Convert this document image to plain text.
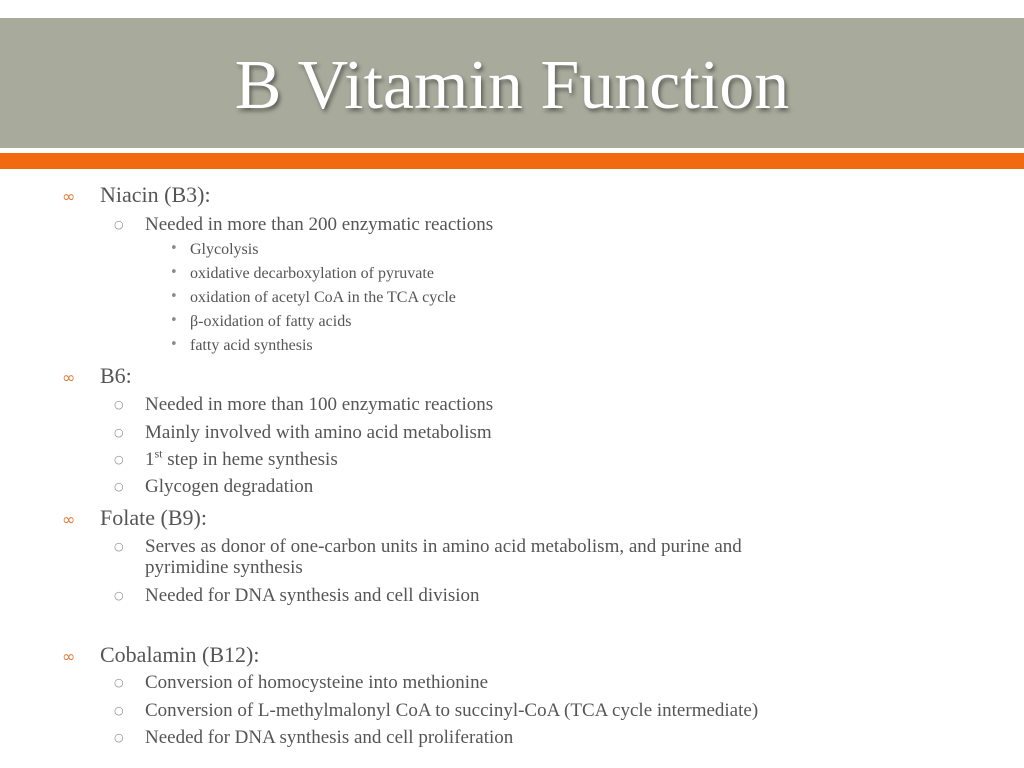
B Vitamin Function
∞ Niacin (B3):
○ Needed in more than 200 enzymatic reactions
• Glycolysis
• oxidative decarboxylation of pyruvate
• oxidation of acetyl CoA in the TCA cycle
• β-oxidation of fatty acids
• fatty acid synthesis
∞ B6:
○ Needed in more than 100 enzymatic reactions
○ Mainly involved with amino acid metabolism
○ 1st step in heme synthesis
○ Glycogen degradation
∞ Folate (B9):
○ Serves as donor of one-carbon units in amino acid metabolism, and purine and
pyrimidine synthesis
○ Needed for DNA synthesis and cell division
∞ Cobalamin (B12):
○ Conversion of homocysteine into methionine
○ Conversion of L-methylmalonyl CoA to succinyl-CoA (TCA cycle intermediate)
○ Needed for DNA synthesis and cell proliferation
